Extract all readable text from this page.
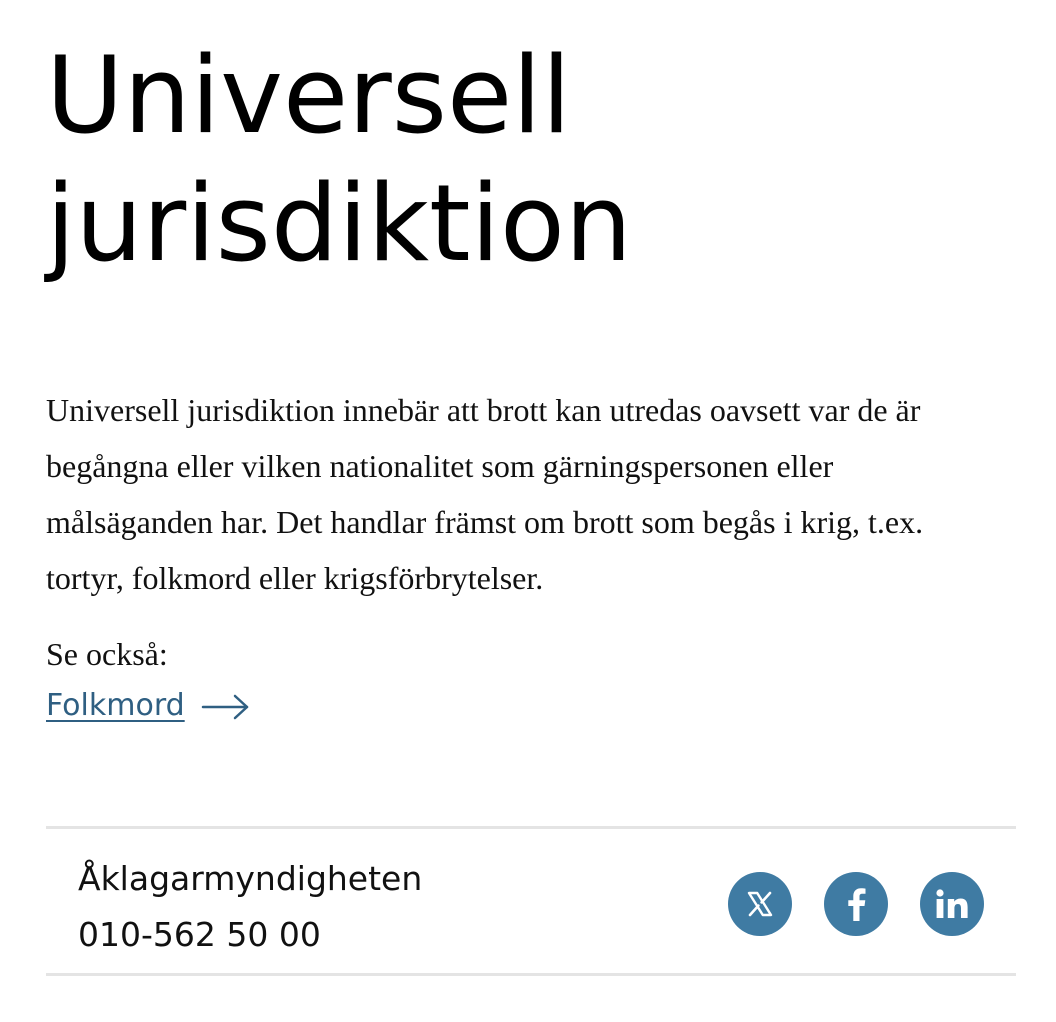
Universell
jurisdiktion

Universell jurisdiktion innebär att brott kan utredas oavsett var de är begångna eller vilken nationalitet som gärningspersonen eller målsäganden har. Det handlar främst om brott som begås i krig, t.ex. tortyr, folkmord eller krigsförbrytelser.

Se också:

Folkmord
Åklagarmyndigheten
010-562 50 00
